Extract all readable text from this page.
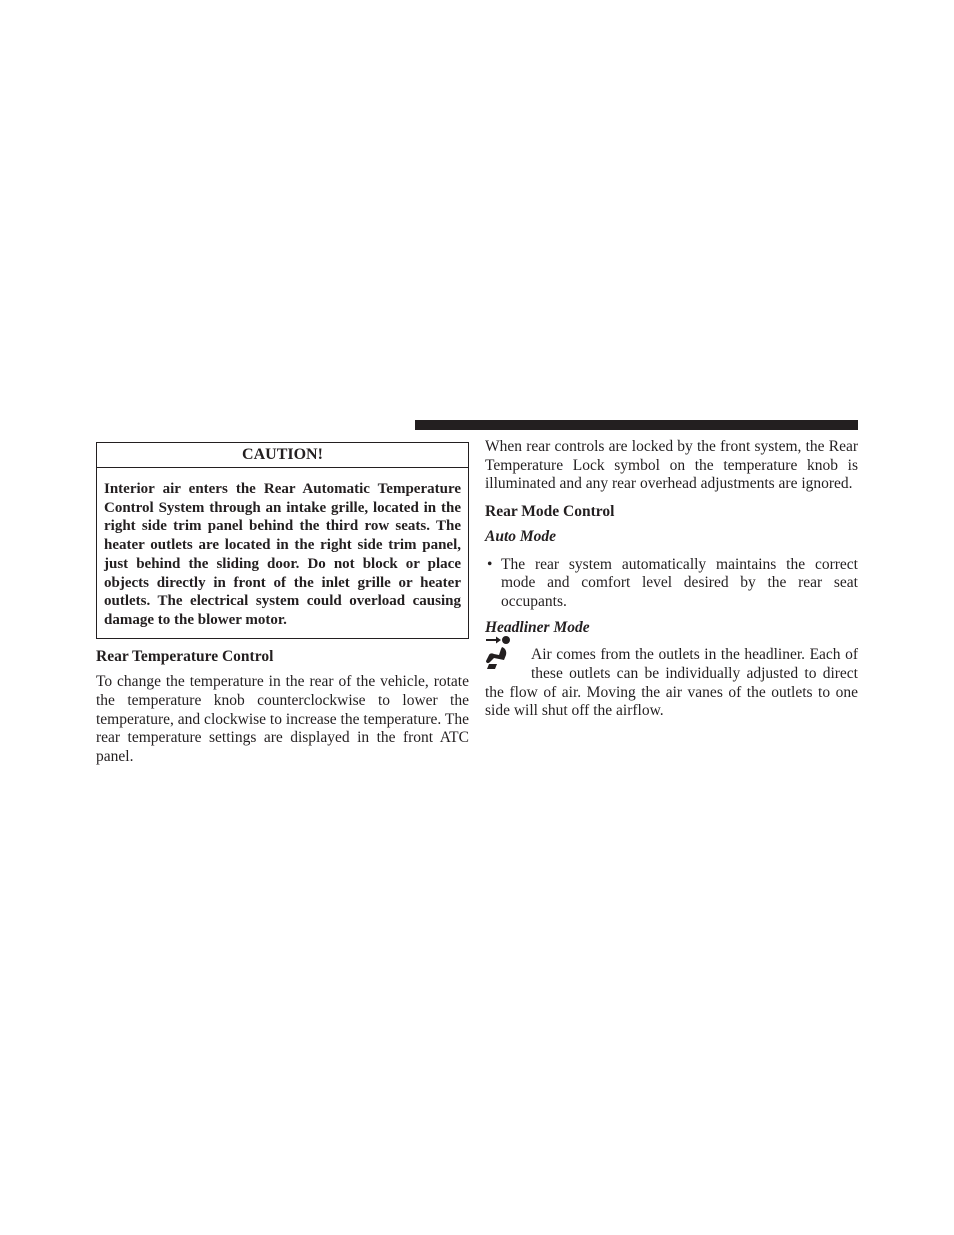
CAUTION!
Interior air enters the Rear Automatic Temperature Control System through an intake grille, located in the right side trim panel behind the third row seats. The heater outlets are located in the right side trim panel, just behind the sliding door. Do not block or place objects directly in front of the inlet grille or heater outlets. The electrical system could overload causing damage to the blower motor.
Rear Temperature Control

To change the temperature in the rear of the vehicle, rotate the temperature knob counterclockwise to lower the temperature, and clockwise to increase the temperature. The rear temperature settings are displayed in the front ATC panel.

When rear controls are locked by the front system, the Rear Temperature Lock symbol on the temperature knob is illuminated and any rear overhead adjustments are ignored.

Rear Mode Control
Auto Mode
• The rear system automatically maintains the correct mode and comfort level desired by the rear seat occupants.
Headliner Mode

Air comes from the outlets in the headliner. Each of these outlets can be individually adjusted to direct the flow of air. Moving the air vanes of the outlets to one side will shut off the airflow.
